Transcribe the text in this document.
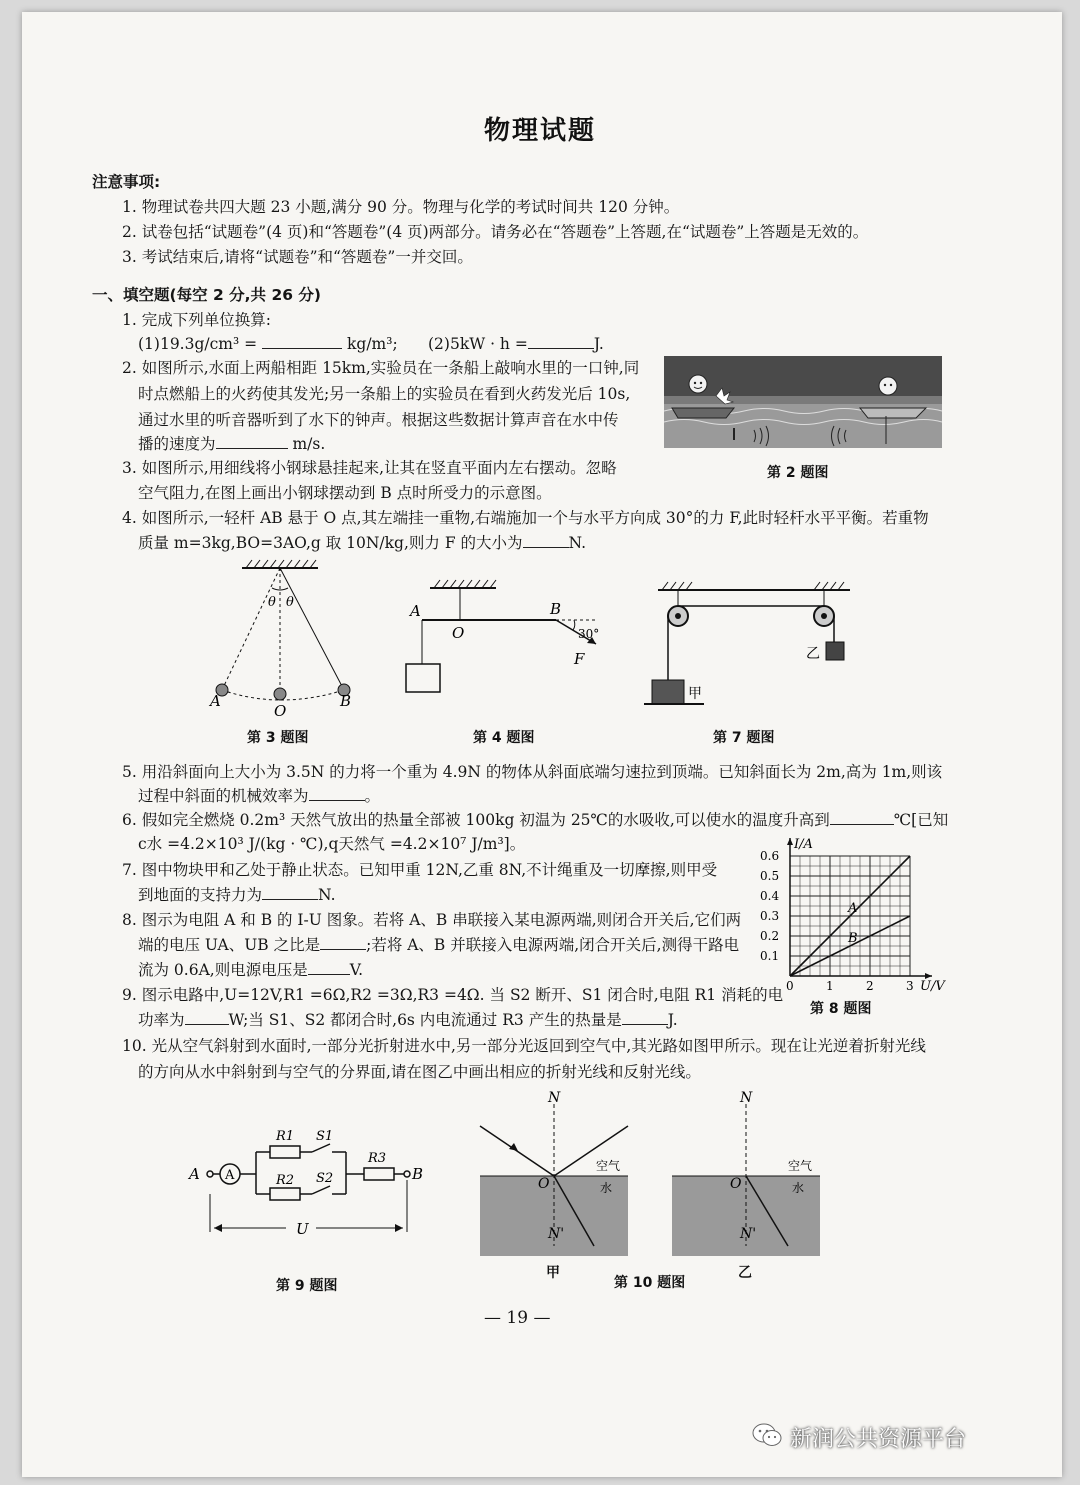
物理试题
注意事项:
1. 物理试卷共四大题 23 小题,满分 90 分。物理与化学的考试时间共 120 分钟。
2. 试卷包括“试题卷”(4 页)和“答题卷”(4 页)两部分。请务必在“答题卷”上答题,在“试题卷”上答题是无效的。
3. 考试结束后,请将“试题卷”和“答题卷”一并交回。
一、填空题(每空 2 分,共 26 分)
1. 完成下列单位换算:
(1)19.3g/cm³ =	kg/m³; (2)5kW · h =	J.
2. 如图所示,水面上两船相距 15km,实验员在一条船上敲响水里的一口钟,同
时点燃船上的火药使其发光;另一条船上的实验员在看到火药发光后 10s,
通过水里的听音器听到了水下的钟声。根据这些数据计算声音在水中传
播的速度为	m/s.
第 2 题图
3. 如图所示,用细线将小钢球悬挂起来,让其在竖直平面内左右摆动。忽略
空气阻力,在图上画出小钢球摆动到 B 点时所受力的示意图。
4. 如图所示,一轻杆 AB 悬于 O 点,其左端挂一重物,右端施加一个与水平方向成 30°的力 F,此时轻杆水平平衡。若重物
质量 m=3kg,BO=3AO,g 取 10N/kg,则力 F 的大小为	N.
θ θ
A
O
B
第 3 题图
A
O
B
30°
F
第 4 题图
甲
乙
第 7 题图
5. 用沿斜面向上大小为 3.5N 的力将一个重为 4.9N 的物体从斜面底端匀速拉到顶端。已知斜面长为 2m,高为 1m,则该
过程中斜面的机械效率为	。
6. 假如完全燃烧 0.2m³ 天然气放出的热量全部被 100kg 初温为 25℃的水吸收,可以使水的温度升高到	℃[已知
c水 =4.2×10³ J/(kg · ℃),q天然气 =4.2×10⁷ J/m³]。
7. 图中物块甲和乙处于静止状态。已知甲重 12N,乙重 8N,不计绳重及一切摩擦,则甲受
到地面的支持力为	N.
8. 图示为电阻 A 和 B 的 I-U 图象。若将 A、B 串联接入某电源两端,则闭合开关后,它们两
端的电压 UA、UB 之比是	;若将 A、B 并联接入电源两端,闭合开关后,测得干路电
流为 0.6A,则电源电压是	V.
A
B
0	1	2	3
0.1
0.2
0.3
0.4
0.5
0.6
I/A
U/V
第 8 题图
9. 图示电路中,U=12V,R1 =6Ω,R2 =3Ω,R3 =4Ω. 当 S2 断开、S1 闭合时,电阻 R1 消耗的电
功率为	W;当 S1、S2 都闭合时,6s 内电流通过 R3 产生的热量是	J.
10. 光从空气斜射到水面时,一部分光折射进水中,另一部分光返回到空气中,其光路如图甲所示。现在让光逆着折射光线
的方向从水中斜射到与空气的分界面,请在图乙中画出相应的折射光线和反射光线。
A A	B
R1 S1
R2 S2
R3
U
第 9 题图
N
O
空气
水
N'
甲
N
O
空气
水
N'
乙
第 10 题图
— 19 —
新润公共资源平台
